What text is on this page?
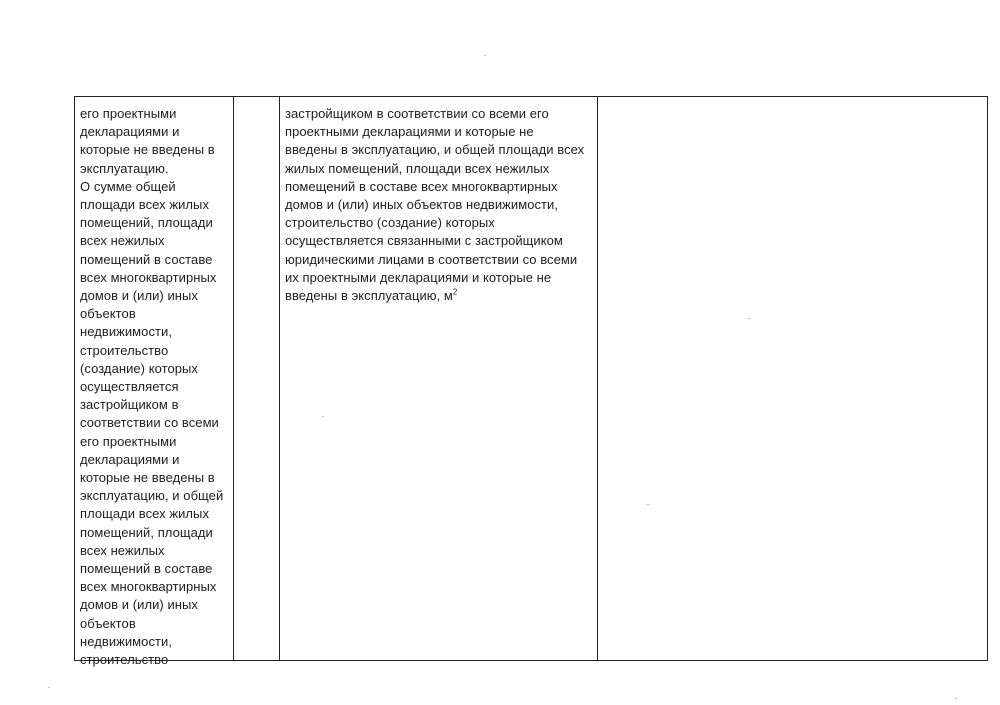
его проектными
декларациями и
которые не введены в
эксплуатацию.
О сумме общей
площади всех жилых
помещений, площади
всех нежилых
помещений в составе
всех многоквартирных
домов и (или) иных
объектов
недвижимости,
строительство
(создание) которых
осуществляется
застройщиком в
соответствии со всеми
его проектными
декларациями и
которые не введены в
эксплуатацию, и общей
площади всех жилых
помещений, площади
всех нежилых
помещений в составе
всех многоквартирных
домов и (или) иных
объектов
недвижимости,
строительство
застройщиком в соответствии со всеми его
проектными декларациями и которые не
введены в эксплуатацию, и общей площади всех
жилых помещений, площади всех нежилых
помещений в составе всех многоквартирных
домов и (или) иных объектов недвижимости,
строительство (создание) которых
осуществляется связанными с застройщиком
юридическими лицами в соответствии со всеми
их проектными декларациями и которые не
введены в эксплуатацию, $м^2$
